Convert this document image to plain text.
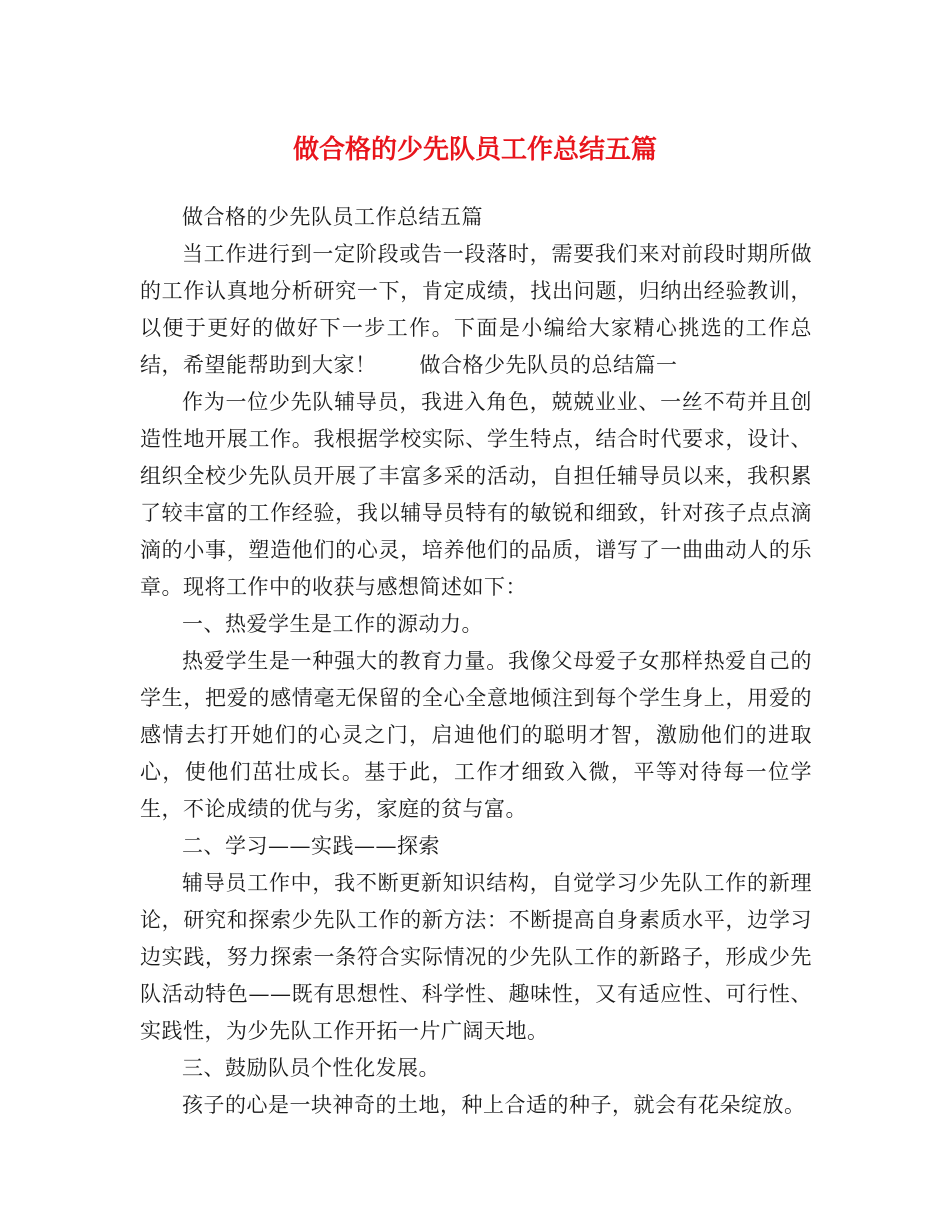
做合格的少先队员工作总结五篇

做合格的少先队员工作总结五篇

当工作进行到一定阶段或告一段落时，需要我们来对前段时期所做的工作认真地分析研究一下，肯定成绩，找出问题，归纳出经验教训，以便于更好的做好下一步工作。下面是小编给大家精心挑选的工作总结，希望能帮助到大家！　　做合格少先队员的总结篇一

作为一位少先队辅导员，我进入角色，兢兢业业、一丝不苟并且创造性地开展工作。我根据学校实际、学生特点，结合时代要求，设计、组织全校少先队员开展了丰富多采的活动，自担任辅导员以来，我积累了较丰富的工作经验，我以辅导员特有的敏锐和细致，针对孩子点点滴滴的小事，塑造他们的心灵，培养他们的品质，谱写了一曲曲动人的乐章。现将工作中的收获与感想简述如下：

一、热爱学生是工作的源动力。

热爱学生是一种强大的教育力量。我像父母爱子女那样热爱自己的学生，把爱的感情毫无保留的全心全意地倾注到每个学生身上，用爱的感情去打开她们的心灵之门，启迪他们的聪明才智，激励他们的进取心，使他们茁壮成长。基于此，工作才细致入微，平等对待每一位学生，不论成绩的优与劣，家庭的贫与富。

二、学习——实践——探索

辅导员工作中，我不断更新知识结构，自觉学习少先队工作的新理论，研究和探索少先队工作的新方法：不断提高自身素质水平，边学习边实践，努力探索一条符合实际情况的少先队工作的新路子，形成少先队活动特色——既有思想性、科学性、趣味性，又有适应性、可行性、实践性，为少先队工作开拓一片广阔天地。

三、鼓励队员个性化发展。

孩子的心是一块神奇的土地，种上合适的种子，就会有花朵绽放。
